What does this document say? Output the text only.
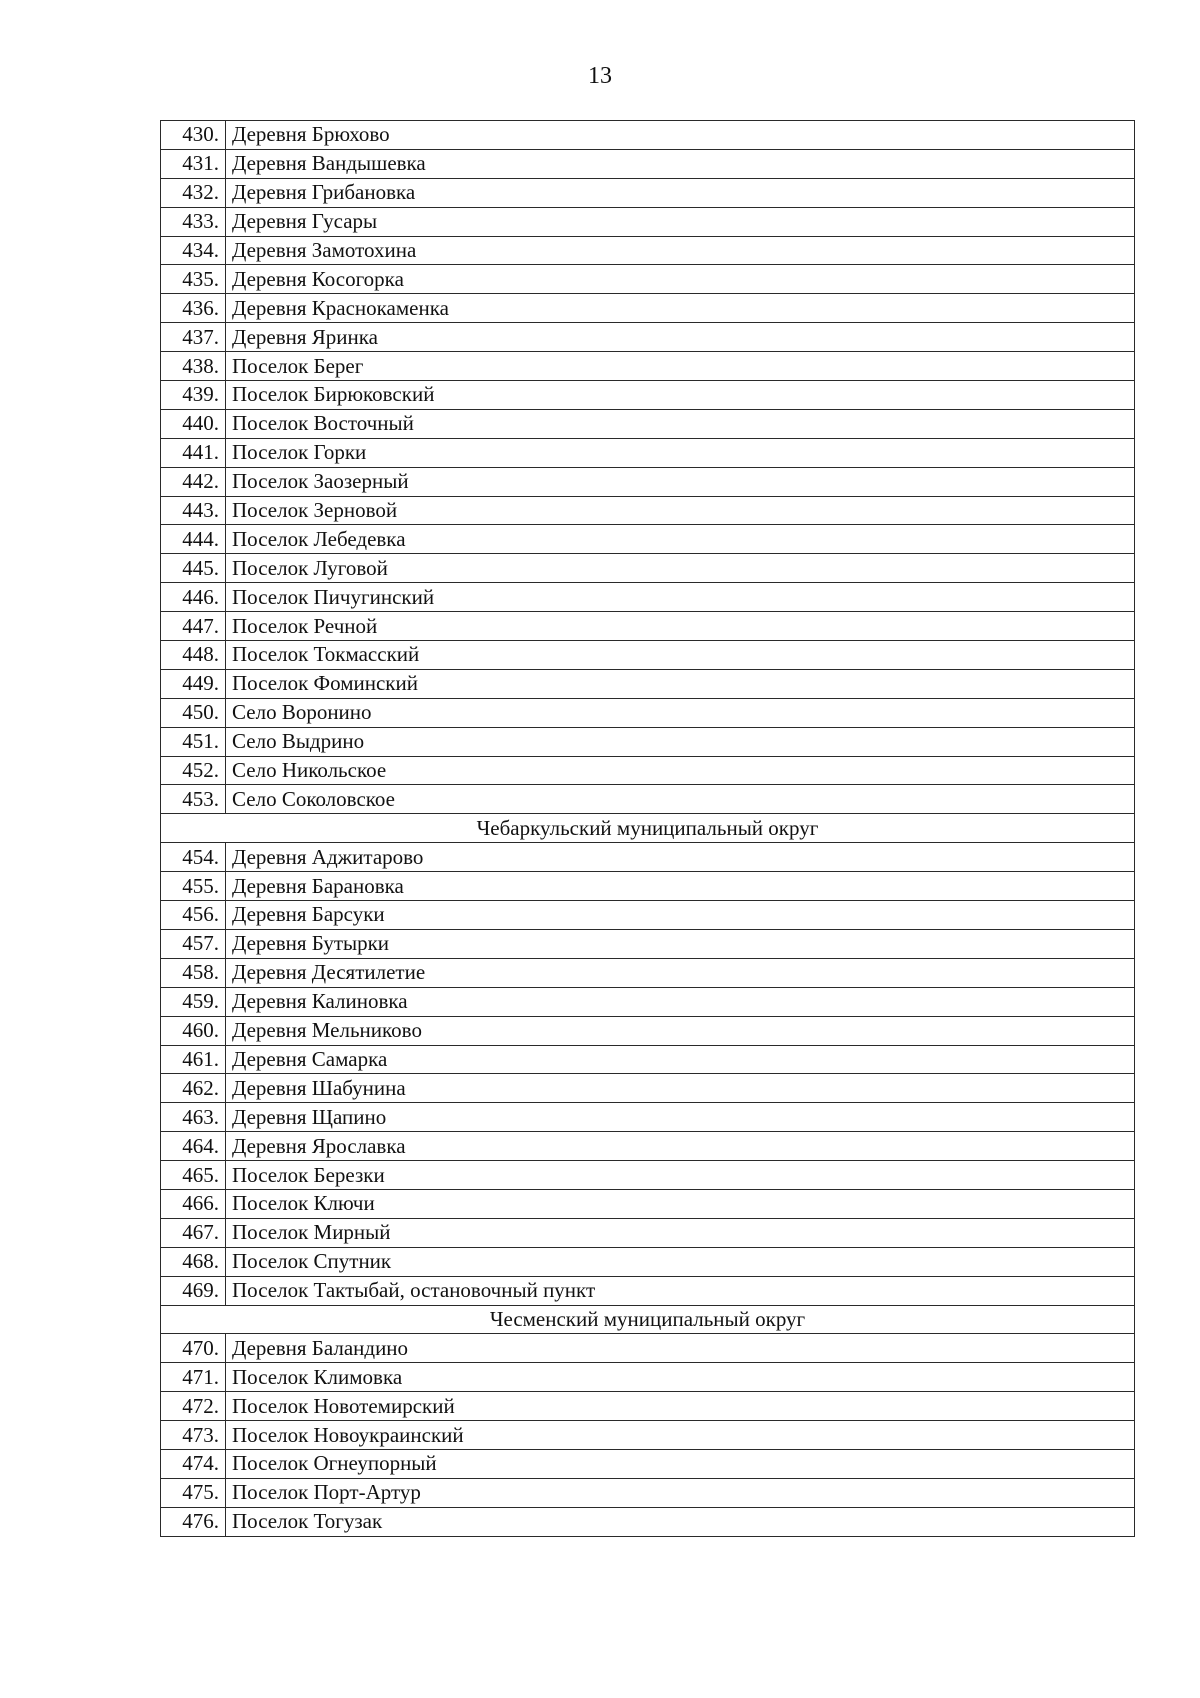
13
430.	Деревня Брюхово
431.	Деревня Вандышевка
432.	Деревня Грибановка
433.	Деревня Гусары
434.	Деревня Замотохина
435.	Деревня Косогорка
436.	Деревня Краснокаменка
437.	Деревня Яринка
438.	Поселок Берег
439.	Поселок Бирюковский
440.	Поселок Восточный
441.	Поселок Горки
442.	Поселок Заозерный
443.	Поселок Зерновой
444.	Поселок Лебедевка
445.	Поселок Луговой
446.	Поселок Пичугинский
447.	Поселок Речной
448.	Поселок Токмасский
449.	Поселок Фоминский
450.	Село Воронино
451.	Село Выдрино
452.	Село Никольское
453.	Село Соколовское
Чебаркульский муниципальный округ	
454.	Деревня Аджитарово
455.	Деревня Барановка
456.	Деревня Барсуки
457.	Деревня Бутырки
458.	Деревня Десятилетие
459.	Деревня Калиновка
460.	Деревня Мельниково
461.	Деревня Самарка
462.	Деревня Шабунина
463.	Деревня Щапино
464.	Деревня Ярославка
465.	Поселок Березки
466.	Поселок Ключи
467.	Поселок Мирный
468.	Поселок Спутник
469.	Поселок Тактыбай, остановочный пункт
Чесменский муниципальный округ	
470.	Деревня Баландино
471.	Поселок Климовка
472.	Поселок Новотемирский
473.	Поселок Новоукраинский
474.	Поселок Огнеупорный
475.	Поселок Порт-Артур
476.	Поселок Тогузак
